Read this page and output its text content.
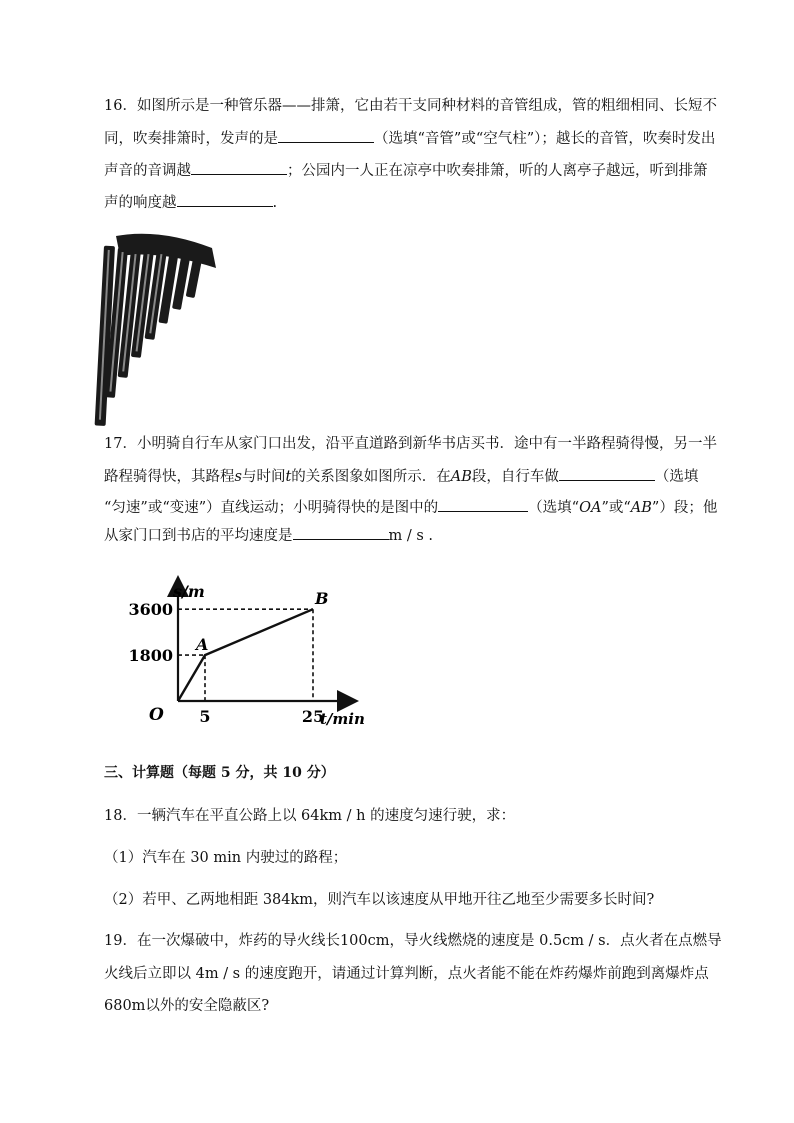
16．如图所示是一种管乐器——排箫，它由若干支同种材料的音管组成，管的粗细相同、长短不
同，吹奏排箫时，发声的是	（选填“音管”或“空气柱”）；越长的音管，吹奏时发出
声音的音调越	；公园内一人正在凉亭中吹奏排箫，听的人离亭子越远，听到排箫
声的响度越	.
17．小明骑自行车从家门口出发，沿平直道路到新华书店买书．途中有一半路程骑得慢，另一半
路程骑得快，其路程s与时间t的关系图象如图所示．在AB段，自行车做	（选填
“匀速”或“变速”）直线运动；小明骑得快的是图中的	（选填“OA”或“AB”）段；他
从家门口到书店的平均速度是	m / s .
s/m
t/min
O 5
1800
25
3600
A
B
三、计算题（每题 5 分，共 10 分）
18．一辆汽车在平直公路上以 64km / h 的速度匀速行驶，求：
（1）汽车在 30 min 内驶过的路程；
（2）若甲、乙两地相距 384km，则汽车以该速度从甲地开往乙地至少需要多长时间?
19．在一次爆破中，炸药的导火线长100cm，导火线燃烧的速度是 0.5cm / s．点火者在点燃导
火线后立即以 4m / s 的速度跑开，请通过计算判断，点火者能不能在炸药爆炸前跑到离爆炸点
680m以外的安全隐蔽区?
